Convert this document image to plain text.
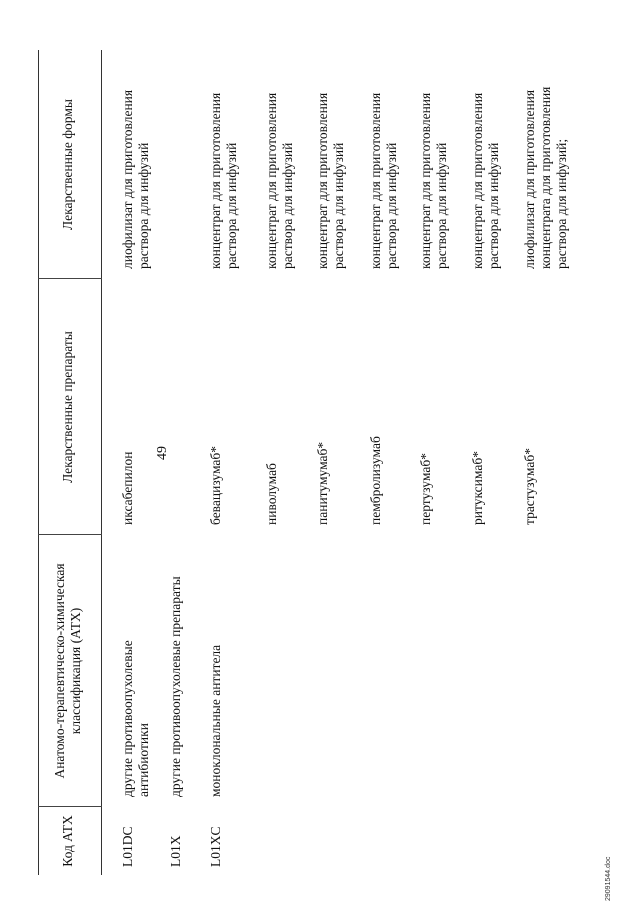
49
Код АТХ
Анатомо-терапевтическо-химическая классификация (АТХ)
Лекарственные препараты
Лекарственные формы
L01DC
другие противоопухолевые антибиотики
иксабепилон
лиофилизат для приготовления раствора для инфузий
L01X
другие противоопухолевые препараты
L01XC
моноклональные антитела
бевацизумаб*
концентрат для приготовления раствора для инфузий
ниволумаб
концентрат для приготовления раствора для инфузий
панитумумаб*
концентрат для приготовления раствора для инфузий
пембролизумаб
концентрат для приготовления раствора для инфузий
пертузумаб*
концентрат для приготовления раствора для инфузий
ритуксимаб*
концентрат для приготовления раствора для инфузий
трастузумаб*
лиофилизат для приготовления концентрата для приготовления раствора для инфузий;
29091544.doc
